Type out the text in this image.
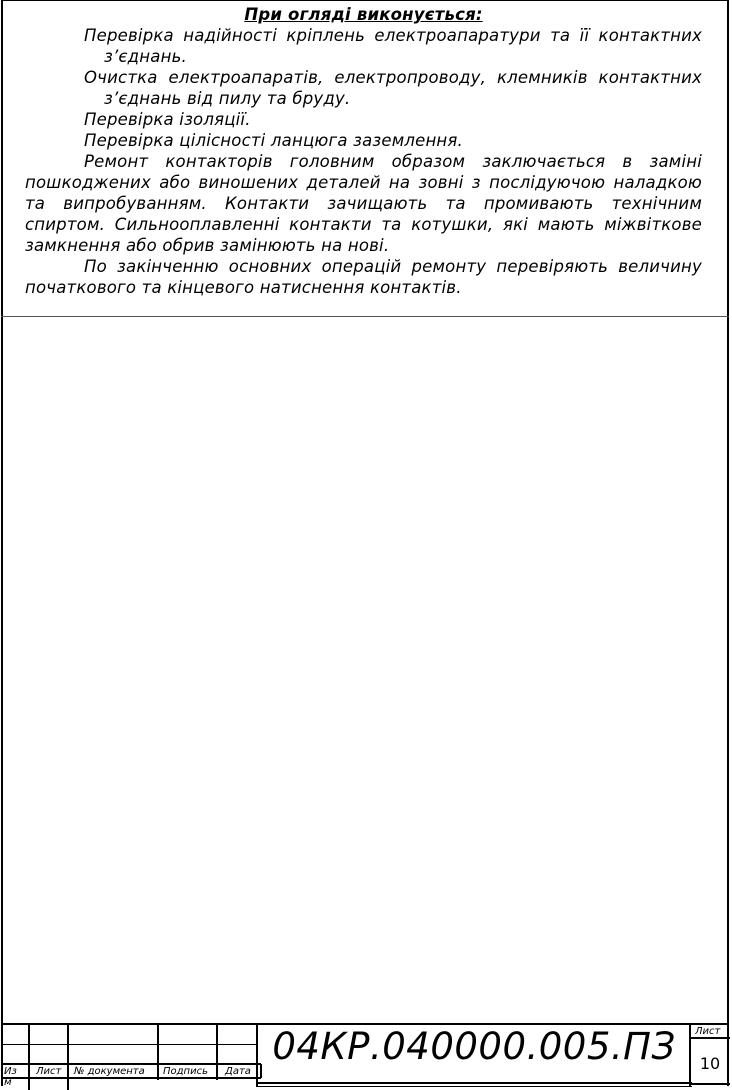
При огляді виконується:

Перевірка надійності кріплень електроапаратури та її контактних з’єднань.

Очистка електроапаратів, електропроводу, клемників контактних з’єднань від пилу та бруду.

Перевірка ізоляції.

Перевірка цілісності ланцюга заземлення.

Ремонт контакторів головним образом заключається в заміні пошкоджених або виношених деталей на зовні з послідуючою наладкою та випробуванням. Контакти зачищають та промивають технічним спиртом. Сильнооплавленні контакти та котушки, які мають міжвіткове замкнення або обрив замінюють на нові.

По закінченню основних операцій ремонту перевіряють величину початкового та кінцевого натиснення контактів.

Из м
Лист № документа Подпись Дата
04КР.040000.005.ПЗ	Лист
10
